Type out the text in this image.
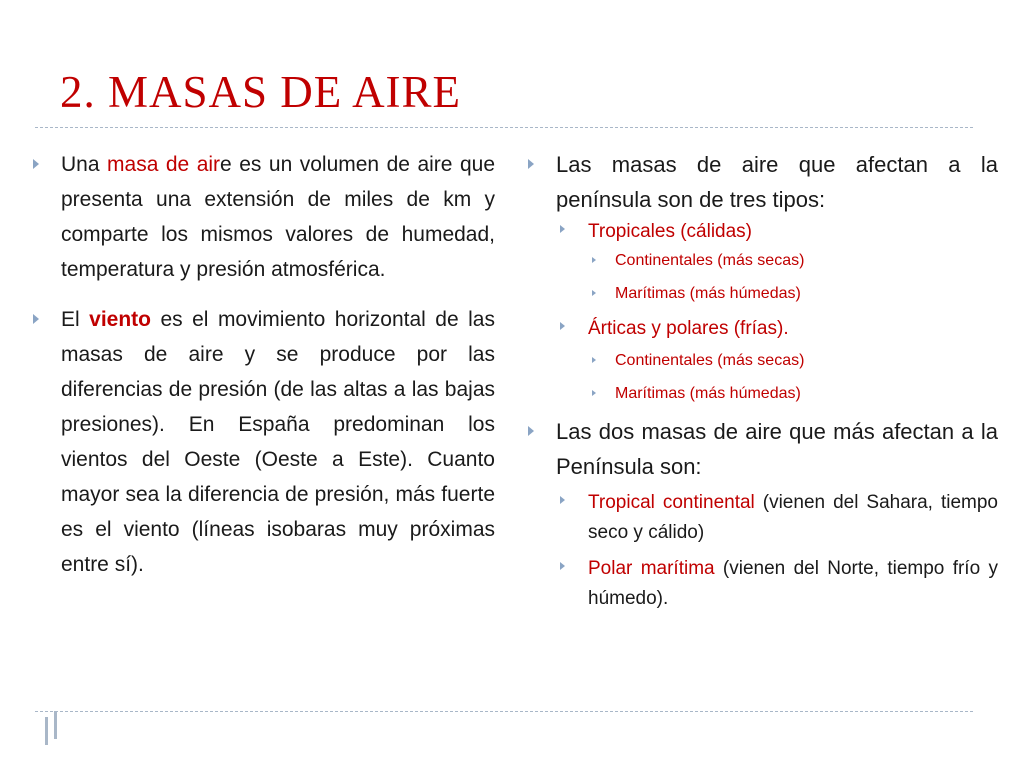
2. MASAS DE AIRE
Una masa de aire es un volumen de aire que presenta una extensión de miles de km y comparte los mismos valores de humedad, temperatura y presión atmosférica.
El viento es el movimiento horizontal de las masas de aire y se produce por las diferencias de presión (de las altas a las bajas presiones). En España predominan los vientos del Oeste (Oeste a Este). Cuanto mayor sea la diferencia de presión, más fuerte es el viento (líneas isobaras muy próximas entre sí).
Las masas de aire que afectan a la península son de tres tipos:
Tropicales (cálidas)
Continentales (más secas)
Marítimas (más húmedas)
Árticas y polares (frías).
Continentales (más secas)
Marítimas (más húmedas)
Las dos masas de aire que más afectan a la Península son:
Tropical continental (vienen del Sahara, tiempo seco y cálido)
Polar marítima (vienen del Norte, tiempo frío y húmedo).
